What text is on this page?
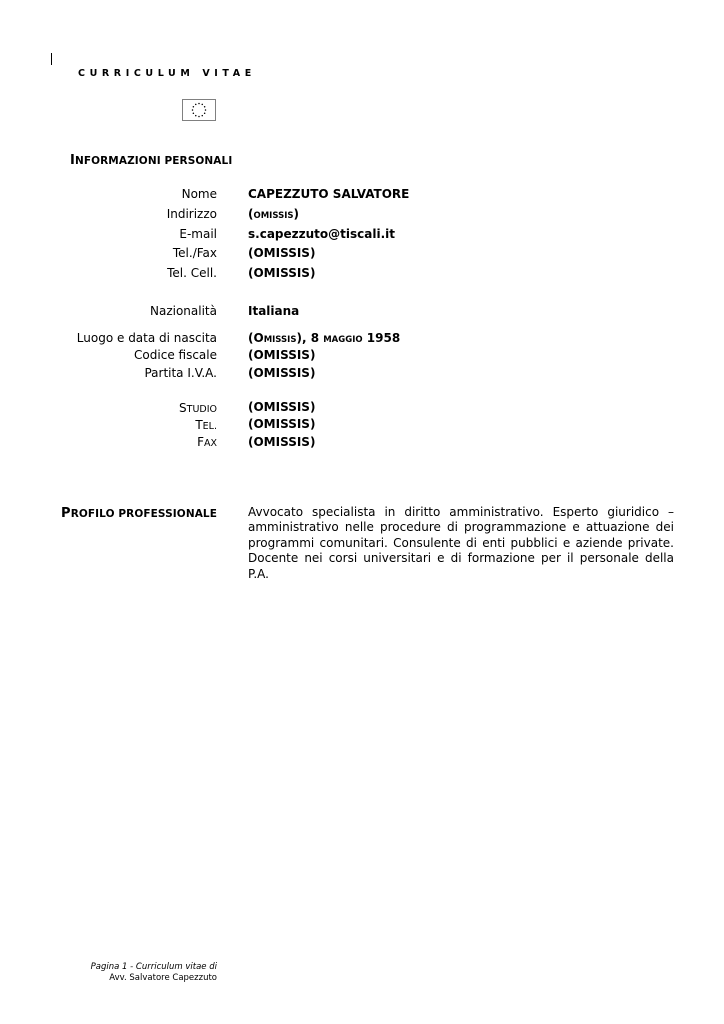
CURRICULUM VITAE
INFORMAZIONI PERSONALI
Nome	CAPEZZUTO SALVATORE
Indirizzo	(OMISSIS)
E-mail	s.capezzuto@tiscali.it
Tel./Fax	(OMISSIS)
Tel. Cell.	(OMISSIS)
Nazionalità	Italiana
Luogo e data di nascita	(OMISSIS), 8 MAGGIO 1958
Codice fiscale	(OMISSIS)
Partita I.V.A.	(OMISSIS)
STUDIO	(OMISSIS)
TEL.	(OMISSIS)
FAX	(OMISSIS)
PROFILO PROFESSIONALE	Avvocato specialista in diritto amministrativo. Esperto giuridico – amministrativo nelle procedure di programmazione e attuazione dei programmi comunitari. Consulente di enti pubblici e aziende private. Docente nei corsi universitari e di formazione per il personale della P.A.
Pagina 1 - Curriculum vitae di
Avv. Salvatore Capezzuto
